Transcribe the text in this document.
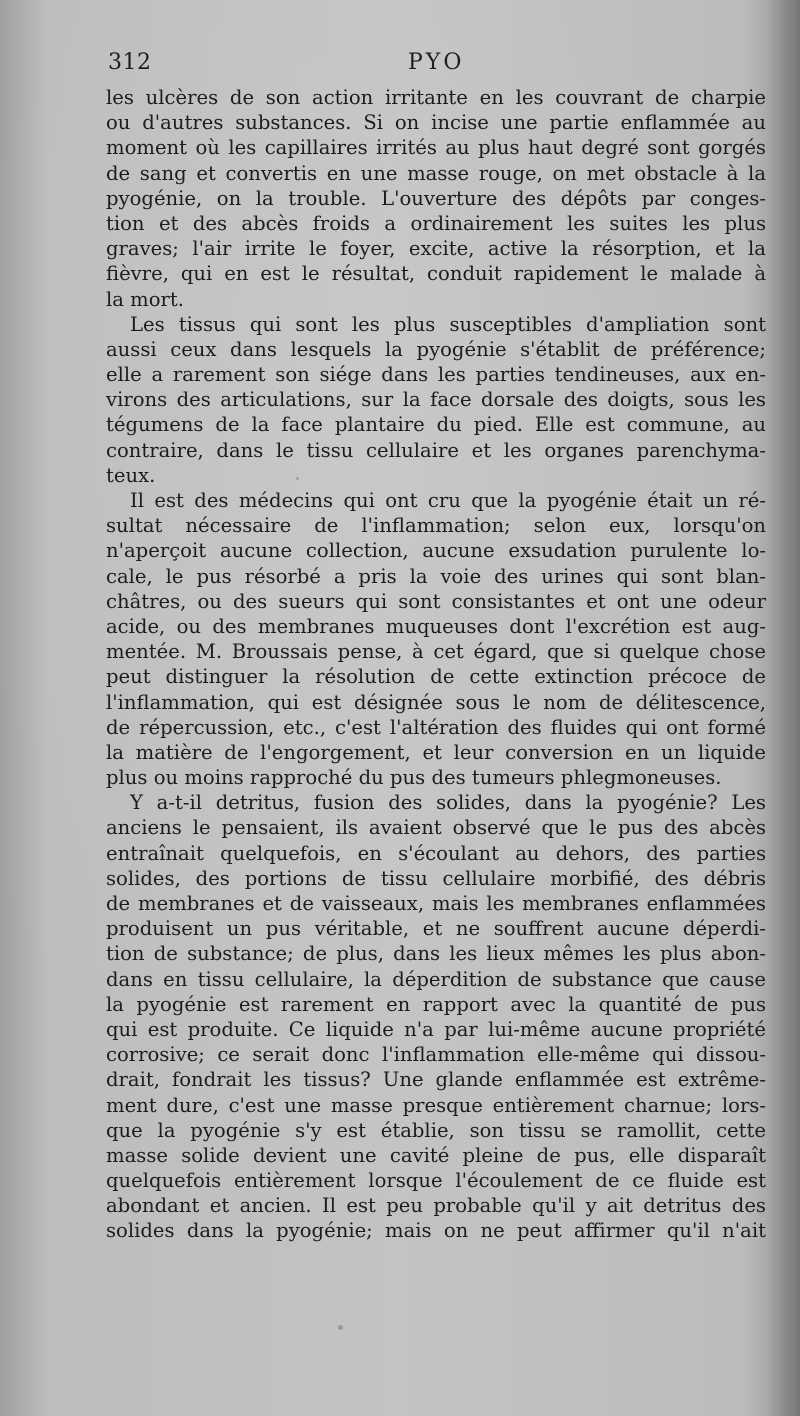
312	PYO
les ulcères de son action irritante en les couvrant de charpie
ou d'autres substances. Si on incise une partie enflammée au
moment où les capillaires irrités au plus haut degré sont gorgés
de sang et convertis en une masse rouge, on met obstacle à la
pyogénie, on la trouble. L'ouverture des dépôts par conges-
tion et des abcès froids a ordinairement les suites les plus
graves; l'air irrite le foyer, excite, active la résorption, et la
fièvre, qui en est le résultat, conduit rapidement le malade à
la mort.
Les tissus qui sont les plus susceptibles d'ampliation sont
aussi ceux dans lesquels la pyogénie s'établit de préférence;
elle a rarement son siége dans les parties tendineuses, aux en-
virons des articulations, sur la face dorsale des doigts, sous les
tégumens de la face plantaire du pied. Elle est commune, au
contraire, dans le tissu cellulaire et les organes parenchyma-
teux.
Il est des médecins qui ont cru que la pyogénie était un ré-
sultat nécessaire de l'inflammation; selon eux, lorsqu'on
n'aperçoit aucune collection, aucune exsudation purulente lo-
cale, le pus résorbé a pris la voie des urines qui sont blan-
châtres, ou des sueurs qui sont consistantes et ont une odeur
acide, ou des membranes muqueuses dont l'excrétion est aug-
mentée. M. Broussais pense, à cet égard, que si quelque chose
peut distinguer la résolution de cette extinction précoce de
l'inflammation, qui est désignée sous le nom de délitescence,
de répercussion, etc., c'est l'altération des fluides qui ont formé
la matière de l'engorgement, et leur conversion en un liquide
plus ou moins rapproché du pus des tumeurs phlegmoneuses.
Y a-t-il detritus, fusion des solides, dans la pyogénie? Les
anciens le pensaient, ils avaient observé que le pus des abcès
entraînait quelquefois, en s'écoulant au dehors, des parties
solides, des portions de tissu cellulaire morbifié, des débris
de membranes et de vaisseaux, mais les membranes enflammées
produisent un pus véritable, et ne souffrent aucune déperdi-
tion de substance; de plus, dans les lieux mêmes les plus abon-
dans en tissu cellulaire, la déperdition de substance que cause
la pyogénie est rarement en rapport avec la quantité de pus
qui est produite. Ce liquide n'a par lui-même aucune propriété
corrosive; ce serait donc l'inflammation elle-même qui dissou-
drait, fondrait les tissus? Une glande enflammée est extrême-
ment dure, c'est une masse presque entièrement charnue; lors-
que la pyogénie s'y est établie, son tissu se ramollit, cette
masse solide devient une cavité pleine de pus, elle disparaît
quelquefois entièrement lorsque l'écoulement de ce fluide est
abondant et ancien. Il est peu probable qu'il y ait detritus des
solides dans la pyogénie; mais on ne peut affirmer qu'il n'ait
